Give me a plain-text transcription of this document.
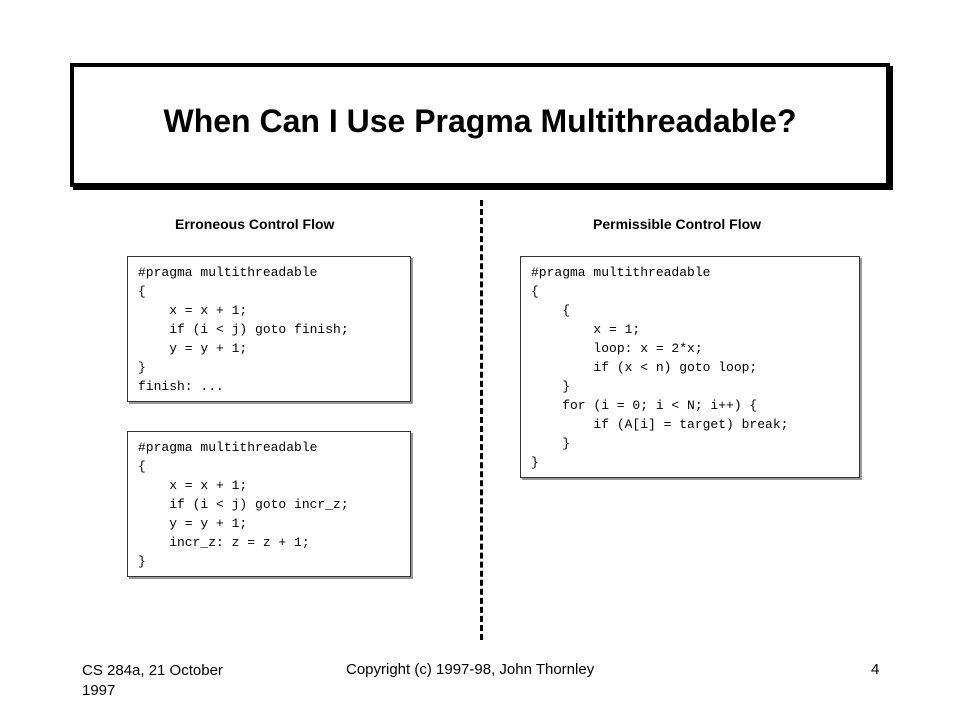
When Can I Use Pragma Multithreadable?
Erroneous Control Flow	Permissible Control Flow
#pragma multithreadable
{
x = x + 1;
if (i < j) goto finish;
y = y + 1;
}
finish: ...
#pragma multithreadable
{
x = x + 1;
if (i < j) goto incr_z;
y = y + 1;
incr_z: z = z + 1;
}
#pragma multithreadable
{
{
x = 1;
loop: x = 2*x;
if (x < n) goto loop;
}
for (i = 0; i < N; i++) {
if (A[i] = target) break;
}
}
CS 284a, 21 October 1997
Copyright (c) 1997-98, John Thornley	4
